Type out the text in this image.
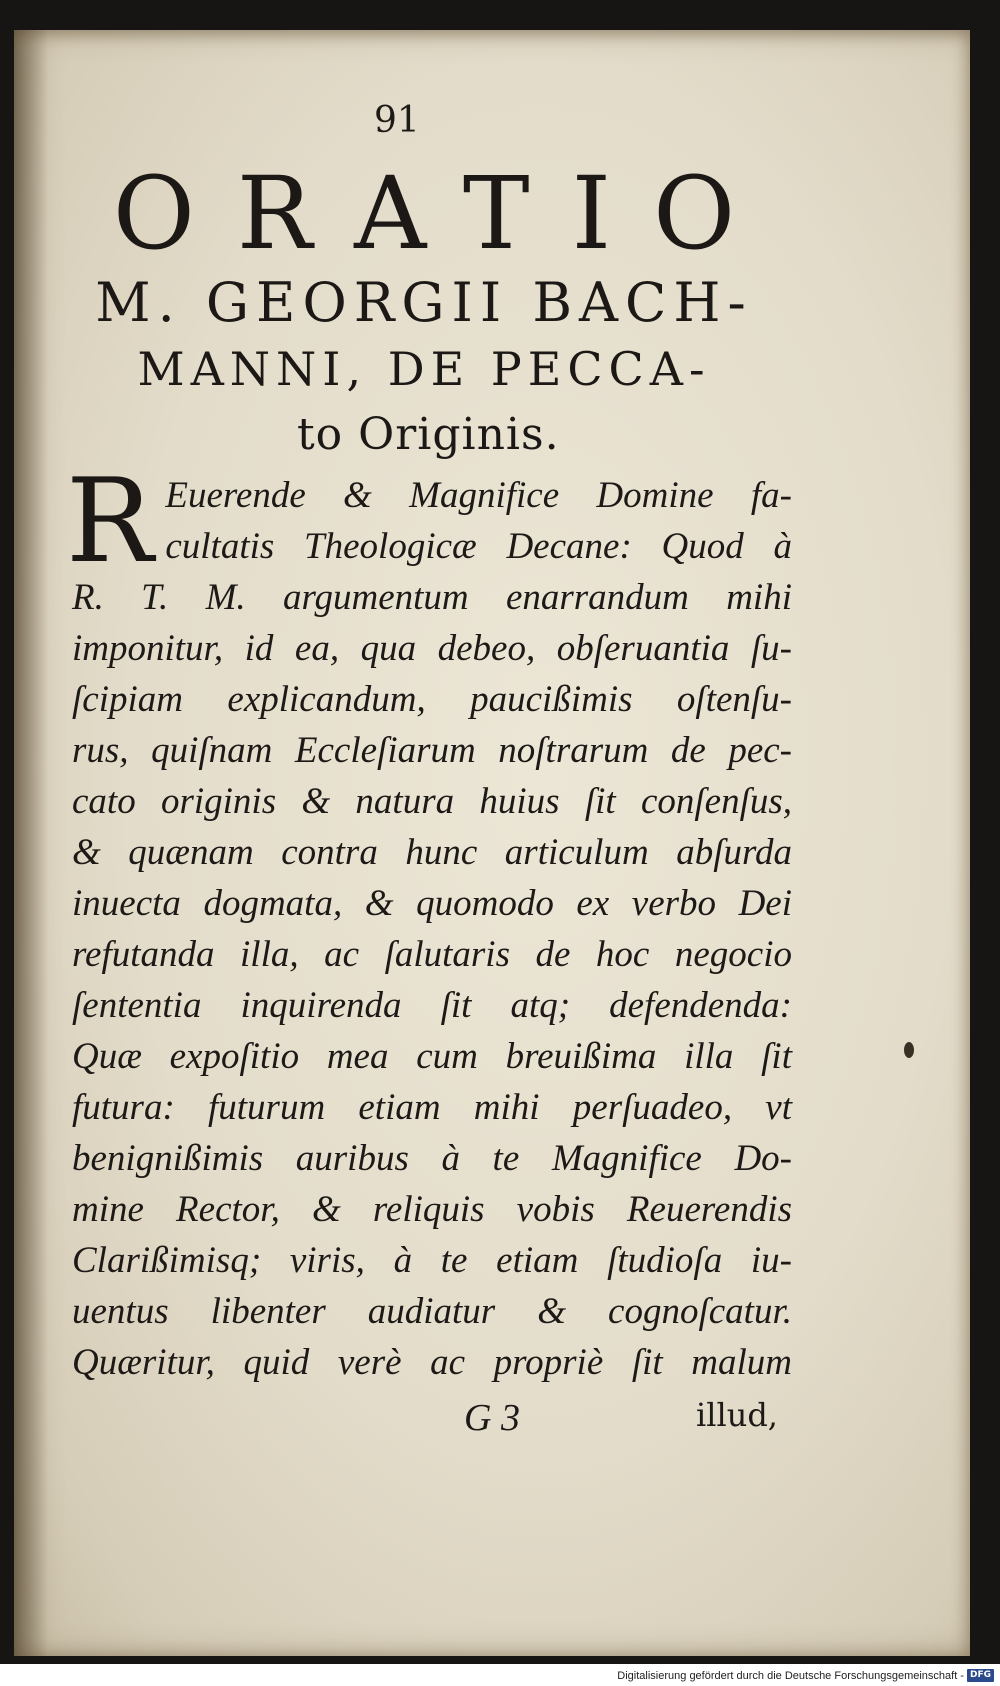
91

ORATIO

M. GEORGII BACH-

MANNI, DE PECCA-

to Originis.

R Euerende & Magnifice Domine fa-
cultatis Theologicæ Decane: Quod à
R. T. M. argumentum enarrandum mihi
imponitur, id ea, qua debeo, obſeruantia ſu-
ſcipiam explicandum, paucißimis oſtenſu-
rus, quiſnam Eccleſiarum noſtrarum de pec-
cato originis & natura huius ſit conſenſus,
& quænam contra hunc articulum abſurda
inuecta dogmata, & quomodo ex verbo Dei
refutanda illa, ac ſalutaris de hoc negocio
ſententia inquirenda ſit atq; defendenda:
Quæ expoſitio mea cum breuißima illa ſit
futura: futurum etiam mihi perſuadeo, vt
benignißimis auribus à te Magnifice Do-
mine Rector, & reliquis vobis Reuerendis
Clarißimisq; viris, à te etiam ſtudioſa iu-
uentus libenter audiatur & cognoſcatur.
Quæritur, quid verè ac propriè ſit malum
G 3	illud,
Digitalisierung gefördert durch die Deutsche Forschungsgemeinschaft - DFG
